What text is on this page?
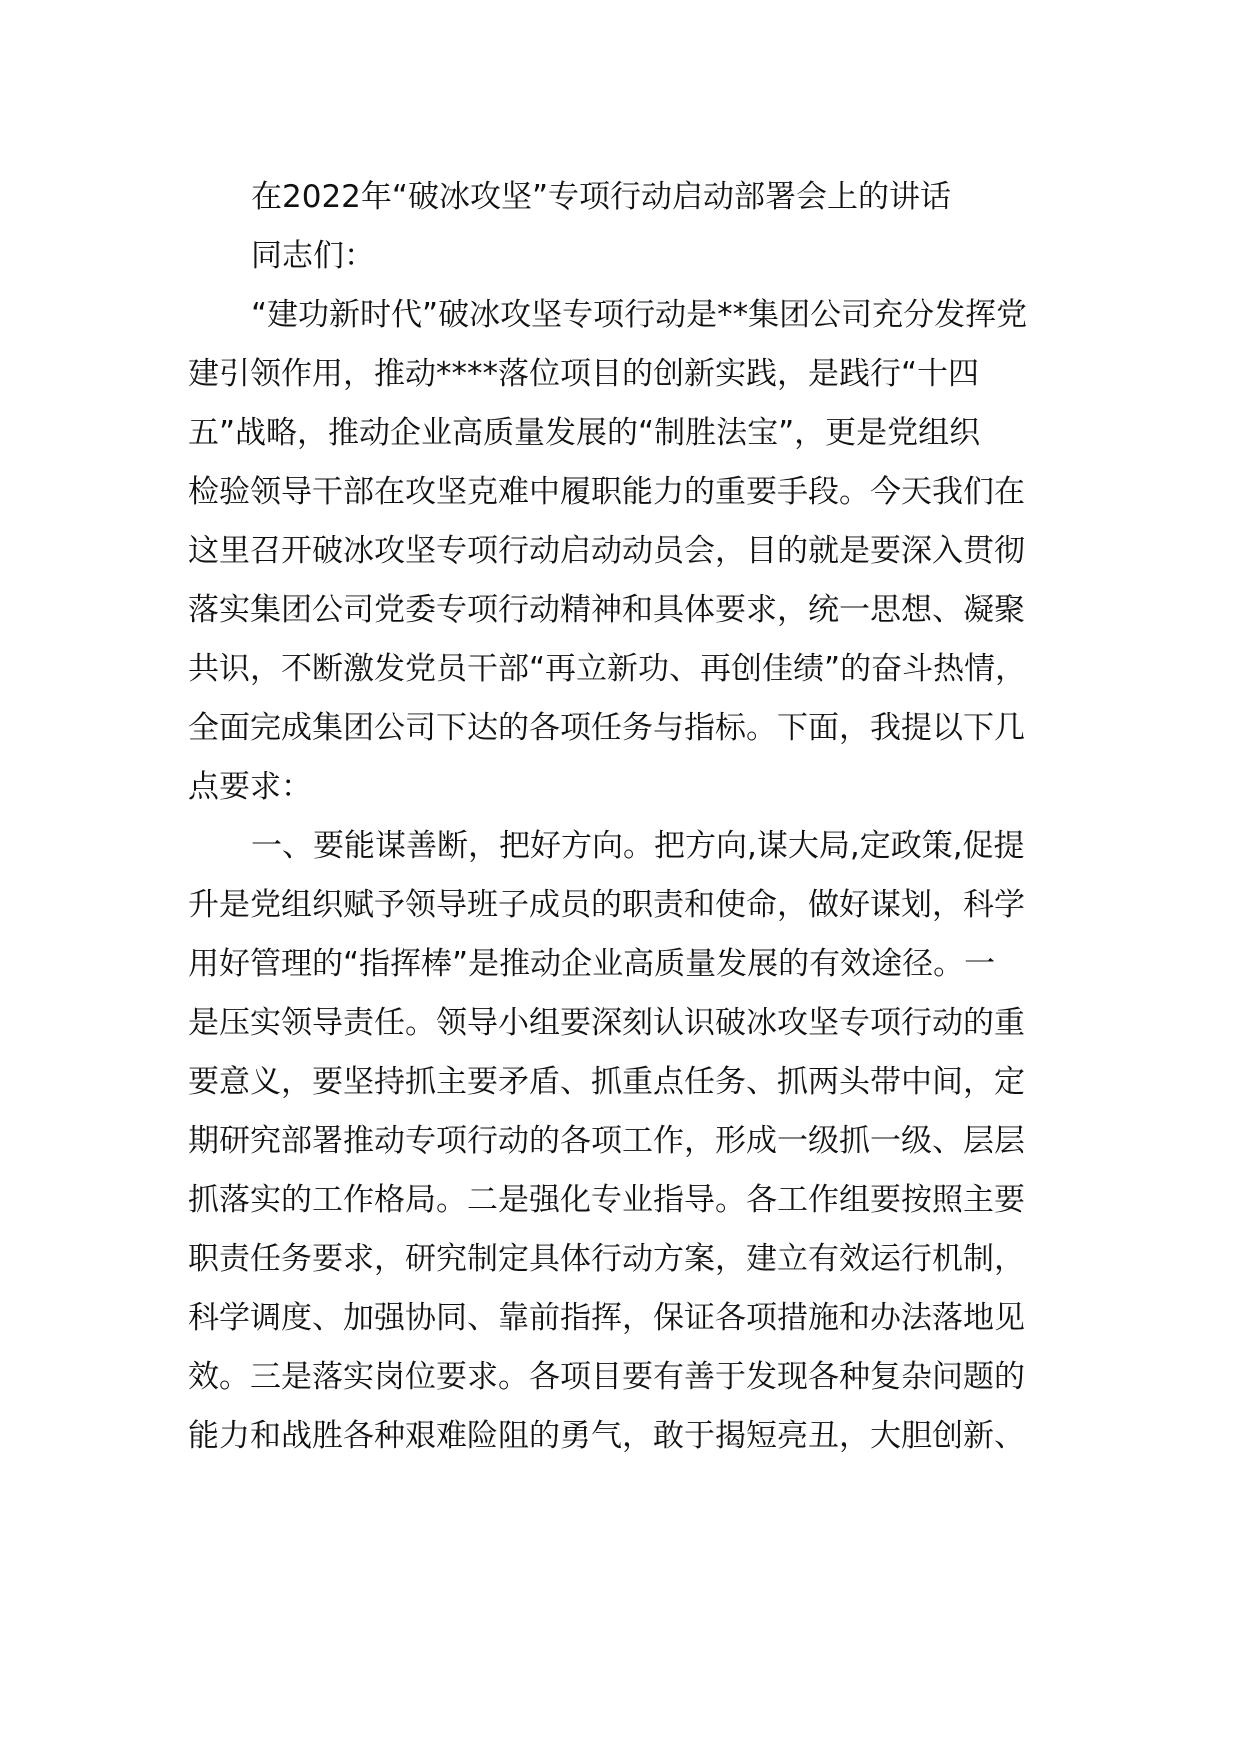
在2022年“破冰攻坚”专项行动启动部署会上的讲话
同志们：
“建功新时代”破冰攻坚专项行动是**集团公司充分发挥党
建引领作用，推动****落位项目的创新实践，是践行“十四
五”战略，推动企业高质量发展的“制胜法宝”，更是党组织
检验领导干部在攻坚克难中履职能力的重要手段。今天我们在
这里召开破冰攻坚专项行动启动动员会，目的就是要深入贯彻
落实集团公司党委专项行动精神和具体要求，统一思想、凝聚
共识，不断激发党员干部“再立新功、再创佳绩”的奋斗热情，
全面完成集团公司下达的各项任务与指标。下面，我提以下几
点要求：
一、要能谋善断，把好方向。把方向,谋大局,定政策,促提
升是党组织赋予领导班子成员的职责和使命，做好谋划，科学
用好管理的“指挥棒”是推动企业高质量发展的有效途径。一
是压实领导责任。领导小组要深刻认识破冰攻坚专项行动的重
要意义，要坚持抓主要矛盾、抓重点任务、抓两头带中间，定
期研究部署推动专项行动的各项工作，形成一级抓一级、层层
抓落实的工作格局。二是强化专业指导。各工作组要按照主要
职责任务要求，研究制定具体行动方案，建立有效运行机制，
科学调度、加强协同、靠前指挥，保证各项措施和办法落地见
效。三是落实岗位要求。各项目要有善于发现各种复杂问题的
能力和战胜各种艰难险阻的勇气，敢于揭短亮丑，大胆创新、
